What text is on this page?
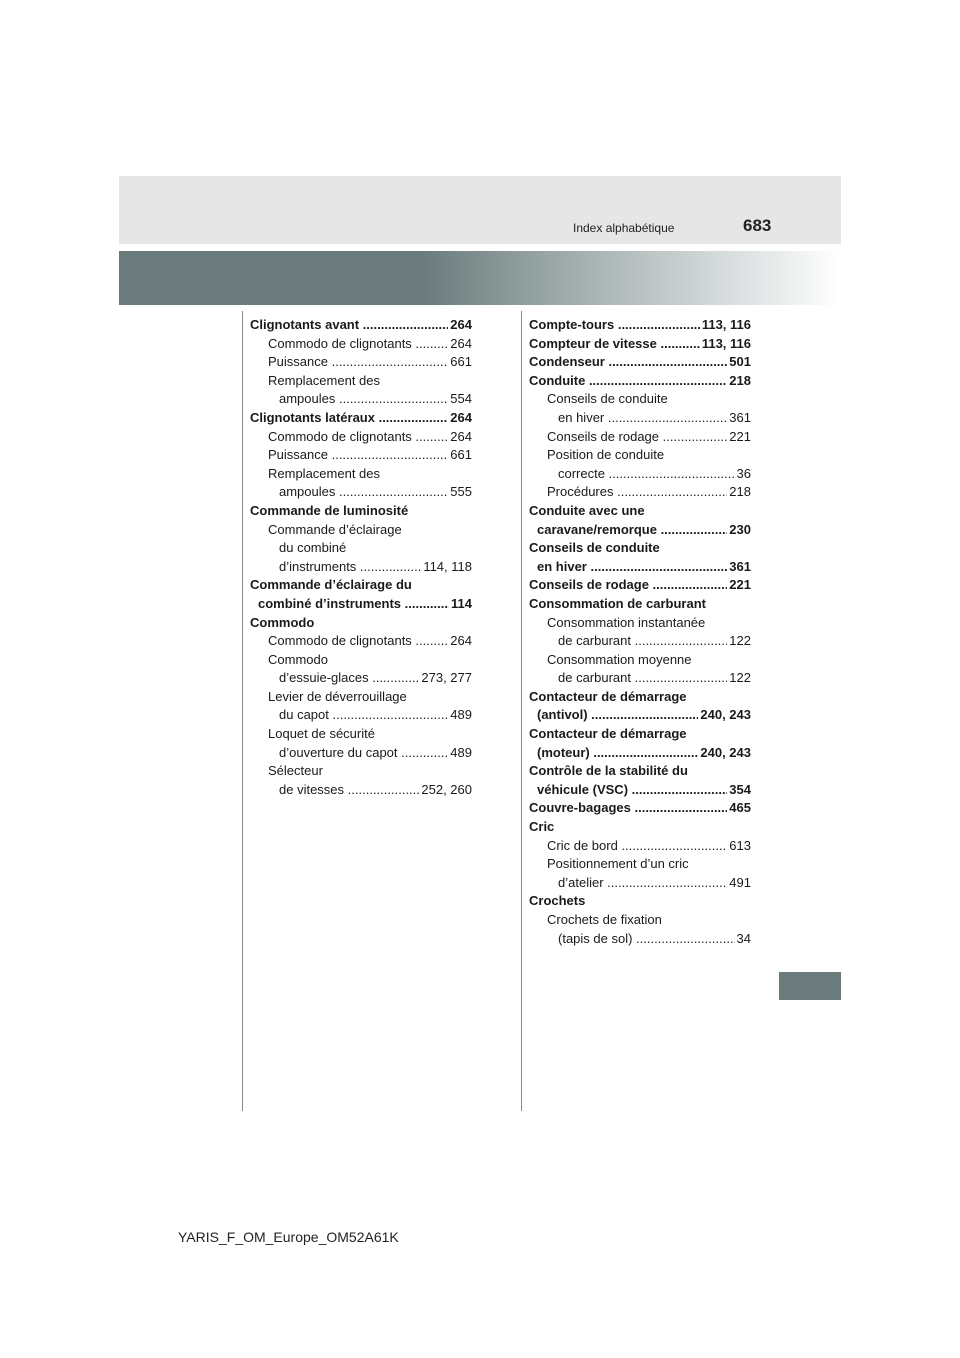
Index alphabétique	683
Clignotants avant .....	264
Commodo de clignotants .....	264
Puissance .....	661
Remplacement des
ampoules .....	554
Clignotants latéraux .....	264
Commodo de clignotants .....	264
Puissance .....	661
Remplacement des
ampoules .....	555
Commande de luminosité
Commande d’éclairage
du combiné
d’instruments .....	114, 118
Commande d’éclairage du
combiné d’instruments .....	114
Commodo
Commodo de clignotants .....	264
Commodo
d’essuie-glaces .....	273, 277
Levier de déverrouillage
du capot .....	489
Loquet de sécurité
d’ouverture du capot .....	489
Sélecteur
de vitesses .....	252, 260
Compte-tours .....	113, 116
Compteur de vitesse .....	113, 116
Condenseur .....	501
Conduite .....	218
Conseils de conduite
en hiver .....	361
Conseils de rodage .....	221
Position de conduite
correcte .....	36
Procédures .....	218
Conduite avec une
caravane/remorque .....	230
Conseils de conduite
en hiver .....	361
Conseils de rodage .....	221
Consommation de carburant
Consommation instantanée
de carburant .....	122
Consommation moyenne
de carburant .....	122
Contacteur de démarrage
(antivol) .....	240, 243
Contacteur de démarrage
(moteur) .....	240, 243
Contrôle de la stabilité du
véhicule (VSC) .....	354
Couvre-bagages .....	465
Cric
Cric de bord .....	613
Positionnement d’un cric
d’atelier .....	491
Crochets
Crochets de fixation
(tapis de sol) .....	34
YARIS_F_OM_Europe_OM52A61K
